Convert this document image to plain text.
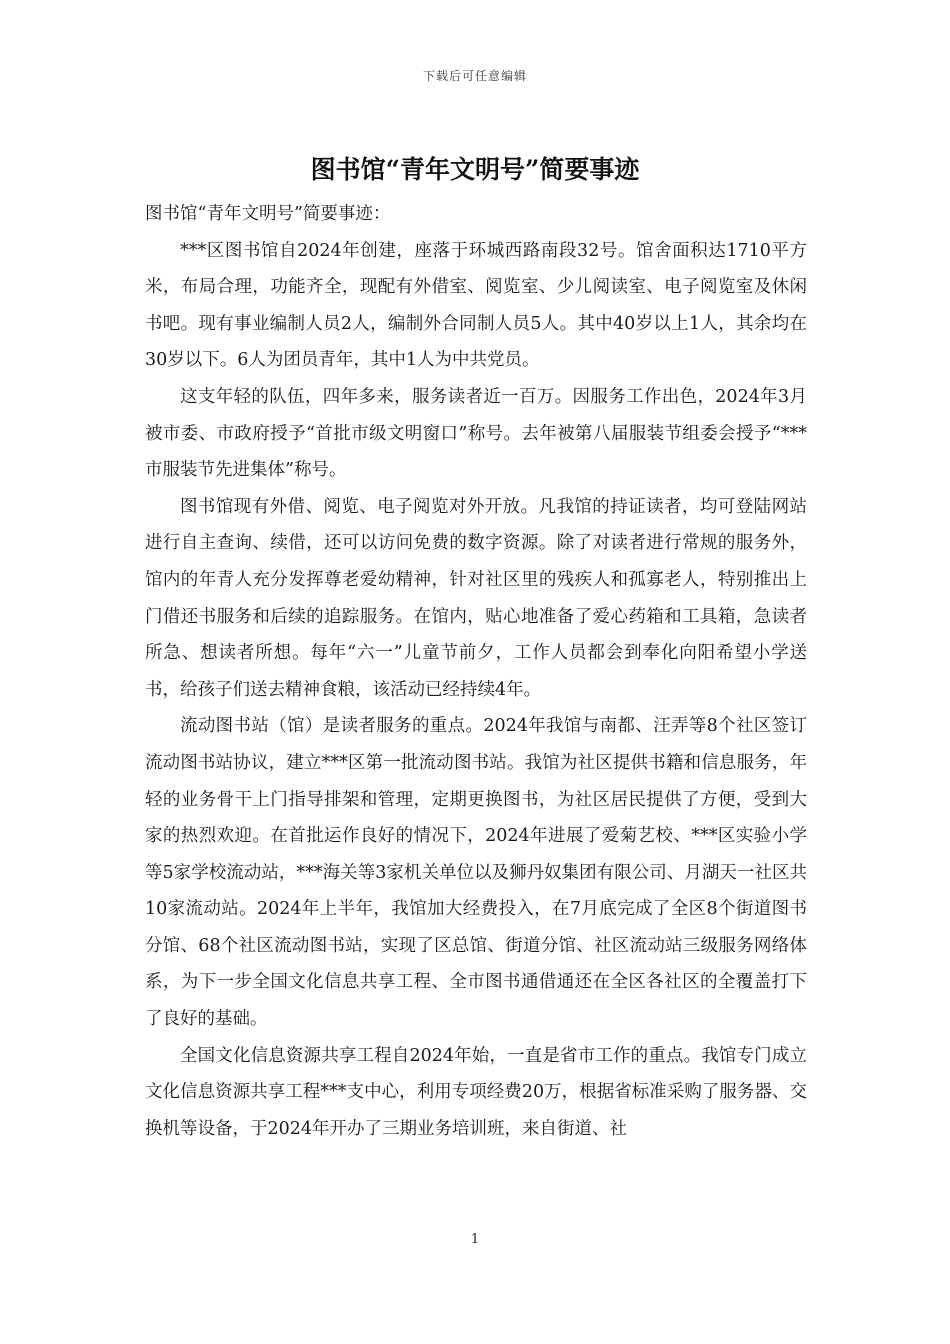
下载后可任意编辑
图书馆“青年文明号”简要事迹

图书馆“青年文明号”简要事迹：

***区图书馆自2024年创建，座落于环城西路南段32号。馆舍面积达1710平方米，布局合理，功能齐全，现配有外借室、阅览室、少儿阅读室、电子阅览室及休闲书吧。现有事业编制人员2人，编制外合同制人员5人。其中40岁以上1人，其余均在30岁以下。6人为团员青年，其中1人为中共党员。

这支年轻的队伍，四年多来，服务读者近一百万。因服务工作出色，2024年3月被市委、市政府授予“首批市级文明窗口”称号。去年被第八届服装节组委会授予“***市服装节先进集体”称号。

图书馆现有外借、阅览、电子阅览对外开放。凡我馆的持证读者，均可登陆网站进行自主查询、续借，还可以访问免费的数字资源。除了对读者进行常规的服务外，馆内的年青人充分发挥尊老爱幼精神，针对社区里的残疾人和孤寡老人，特别推出上门借还书服务和后续的追踪服务。在馆内，贴心地准备了爱心药箱和工具箱，急读者所急、想读者所想。每年“六一”儿童节前夕，工作人员都会到奉化向阳希望小学送书，给孩子们送去精神食粮，该活动已经持续4年。

流动图书站（馆）是读者服务的重点。2024年我馆与南都、汪弄等8个社区签订流动图书站协议，建立***区第一批流动图书站。我馆为社区提供书籍和信息服务，年轻的业务骨干上门指导排架和管理，定期更换图书，为社区居民提供了方便，受到大家的热烈欢迎。在首批运作良好的情况下，2024年进展了爱菊艺校、***区实验小学等5家学校流动站，***海关等3家机关单位以及狮丹奴集团有限公司、月湖天一社区共10家流动站。2024年上半年，我馆加大经费投入，在7月底完成了全区8个街道图书分馆、68个社区流动图书站，实现了区总馆、街道分馆、社区流动站三级服务网络体系，为下一步全国文化信息共享工程、全市图书通借通还在全区各社区的全覆盖打下了良好的基础。

全国文化信息资源共享工程自2024年始，一直是省市工作的重点。我馆专门成立文化信息资源共享工程***支中心，利用专项经费20万，根据省标准采购了服务器、交换机等设备，于2024年开办了三期业务培训班，来自街道、社

1
